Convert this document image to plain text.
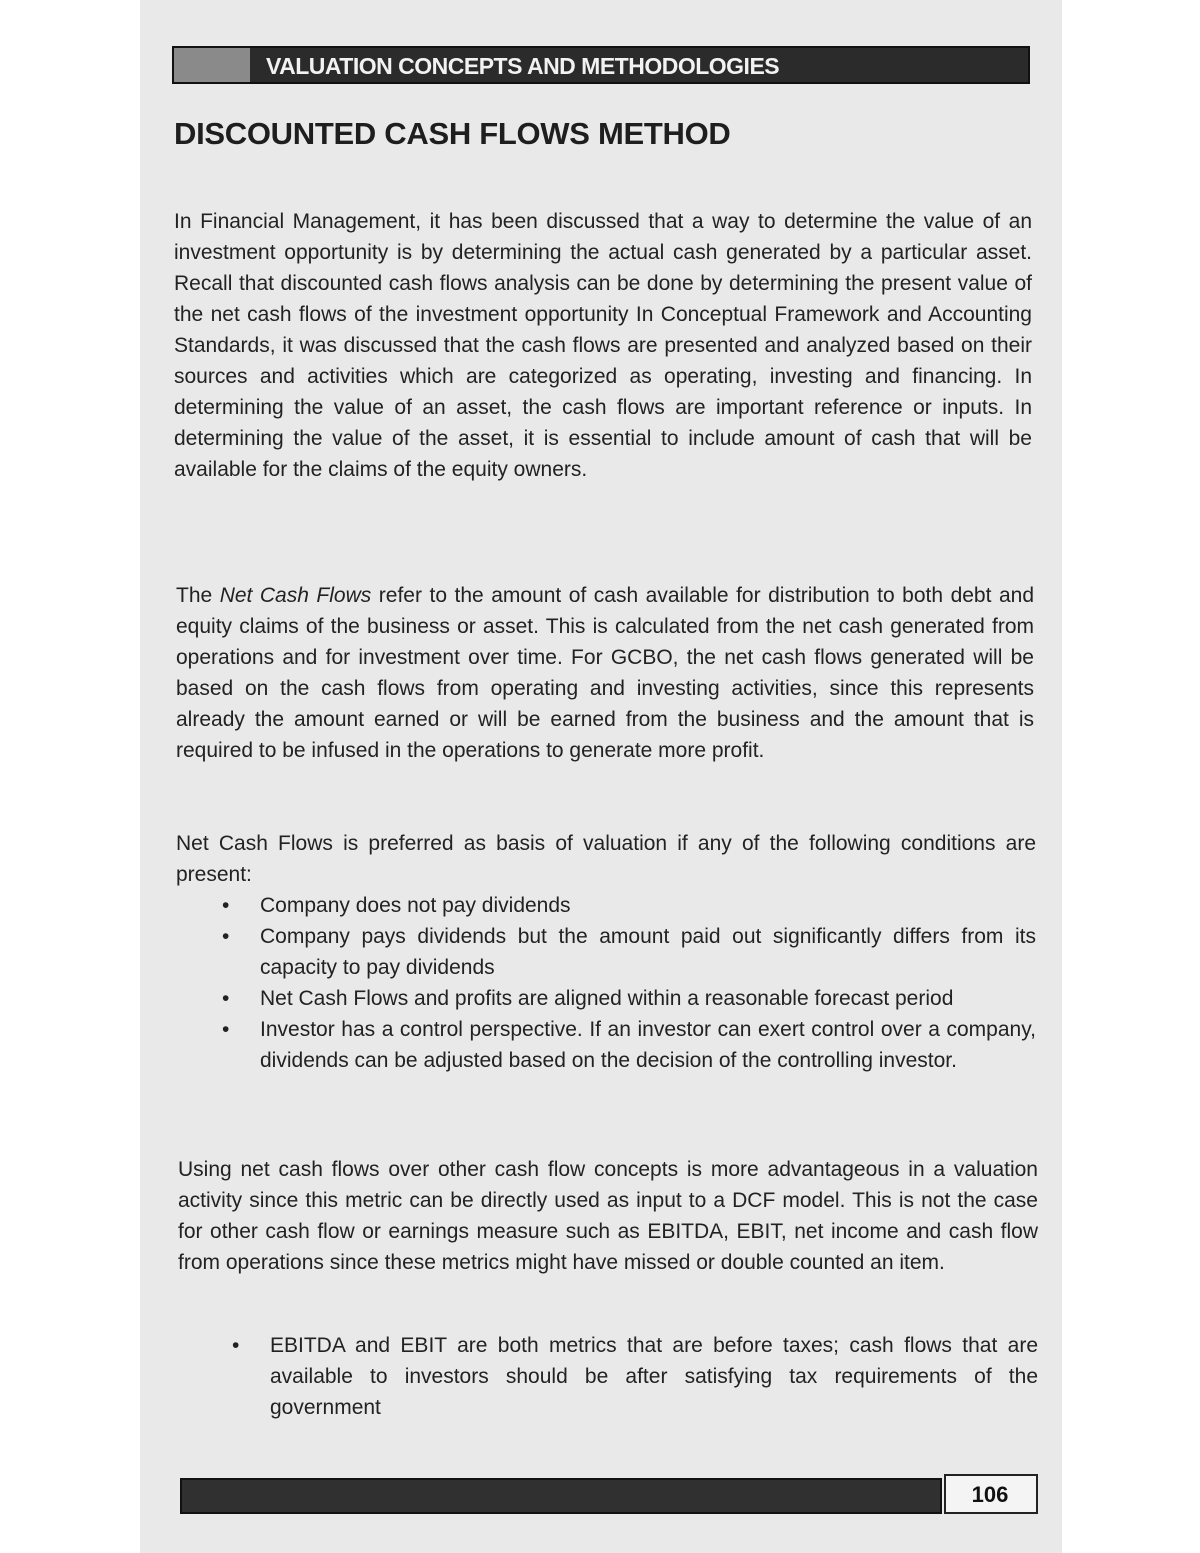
VALUATION CONCEPTS AND METHODOLOGIES
DISCOUNTED CASH FLOWS METHOD

In Financial Management, it has been discussed that a way to determine the value of an investment opportunity is by determining the actual cash generated by a particular asset. Recall that discounted cash flows analysis can be done by determining the present value of the net cash flows of the investment opportunity In Conceptual Framework and Accounting Standards, it was discussed that the cash flows are presented and analyzed based on their sources and activities which are categorized as operating, investing and financing. In determining the value of an asset, the cash flows are important reference or inputs. In determining the value of the asset, it is essential to include amount of cash that will be available for the claims of the equity owners.

The Net Cash Flows refer to the amount of cash available for distribution to both debt and equity claims of the business or asset. This is calculated from the net cash generated from operations and for investment over time. For GCBO, the net cash flows generated will be based on the cash flows from operating and investing activities, since this represents already the amount earned or will be earned from the business and the amount that is required to be infused in the operations to generate more profit.

Net Cash Flows is preferred as basis of valuation if any of the following conditions are present:

• Company does not pay dividends
• Company pays dividends but the amount paid out significantly differs from its capacity to pay dividends
• Net Cash Flows and profits are aligned within a reasonable forecast period
• Investor has a control perspective. If an investor can exert control over a company, dividends can be adjusted based on the decision of the controlling investor.

Using net cash flows over other cash flow concepts is more advantageous in a valuation activity since this metric can be directly used as input to a DCF model. This is not the case for other cash flow or earnings measure such as EBITDA, EBIT, net income and cash flow from operations since these metrics might have missed or double counted an item.

• EBITDA and EBIT are both metrics that are before taxes; cash flows that are available to investors should be after satisfying tax requirements of the government
106
